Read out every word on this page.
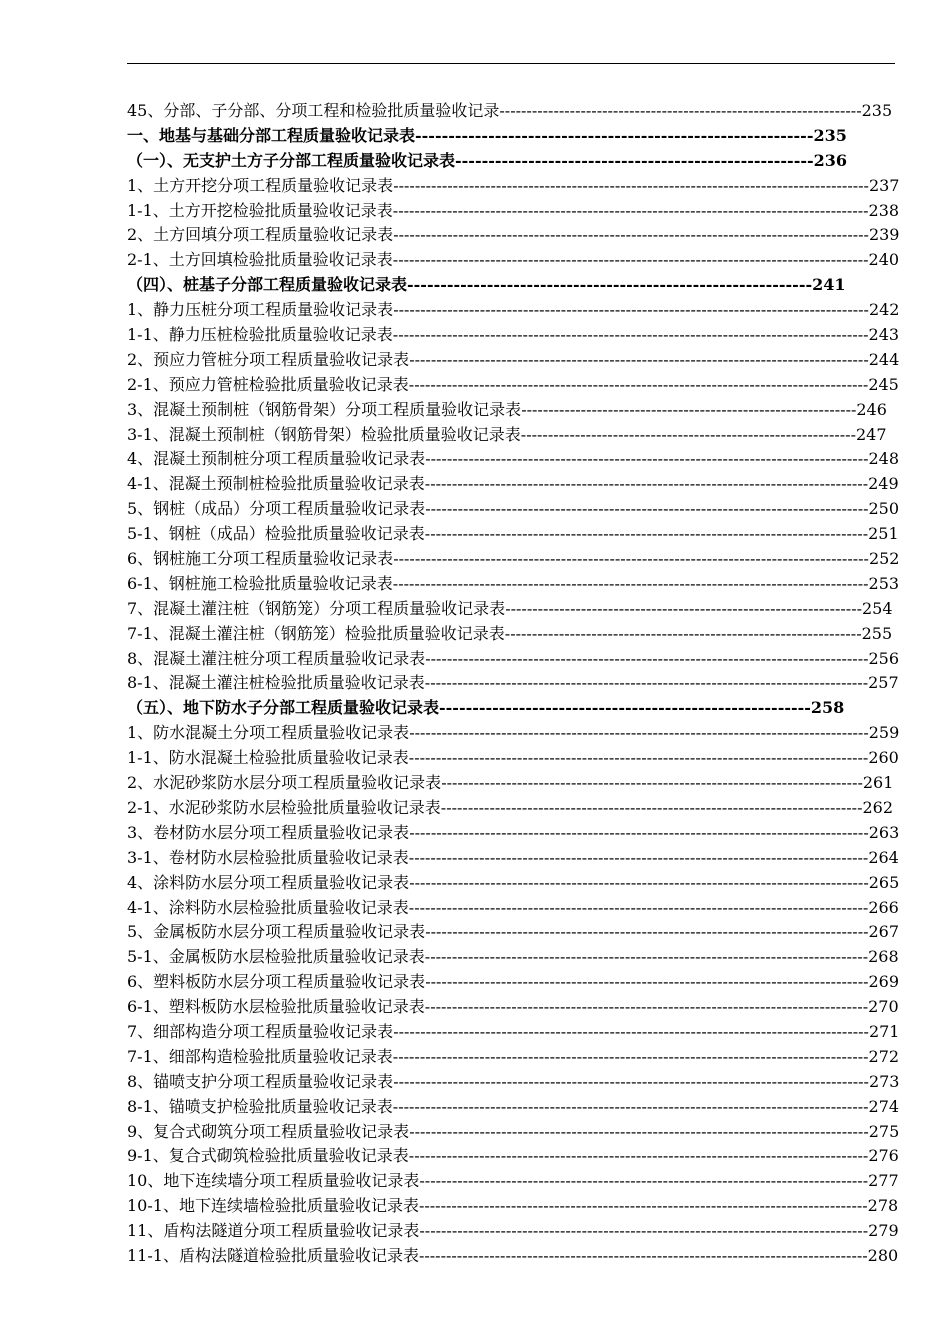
45、分部、子分部、分项工程和检验批质量验收记录-------------------------------------------------------------------235
一、地基与基础分部工程质量验收记录表------------------------------------------------------------235
（一）、无支护土方子分部工程质量验收记录表------------------------------------------------------236
1、土方开挖分项工程质量验收记录表----------------------------------------------------------------------------------------237
1-1、土方开挖检验批质量验收记录表----------------------------------------------------------------------------------------238
2、土方回填分项工程质量验收记录表----------------------------------------------------------------------------------------239
2-1、土方回填检验批质量验收记录表----------------------------------------------------------------------------------------240
（四）、桩基子分部工程质量验收记录表-------------------------------------------------------------241
1、静力压桩分项工程质量验收记录表----------------------------------------------------------------------------------------242
1-1、静力压桩检验批质量验收记录表----------------------------------------------------------------------------------------243
2、预应力管桩分项工程质量验收记录表-------------------------------------------------------------------------------------244
2-1、预应力管桩检验批质量验收记录表-------------------------------------------------------------------------------------245
3、混凝土预制桩（钢筋骨架）分项工程质量验收记录表--------------------------------------------------------------246
3-1、混凝土预制桩（钢筋骨架）检验批质量验收记录表--------------------------------------------------------------247
4、混凝土预制桩分项工程质量验收记录表----------------------------------------------------------------------------------248
4-1、混凝土预制桩检验批质量验收记录表----------------------------------------------------------------------------------249
5、钢桩（成品）分项工程质量验收记录表----------------------------------------------------------------------------------250
5-1、钢桩（成品）检验批质量验收记录表----------------------------------------------------------------------------------251
6、钢桩施工分项工程质量验收记录表----------------------------------------------------------------------------------------252
6-1、钢桩施工检验批质量验收记录表----------------------------------------------------------------------------------------253
7、混凝土灌注桩（钢筋笼）分项工程质量验收记录表------------------------------------------------------------------254
7-1、混凝土灌注桩（钢筋笼）检验批质量验收记录表------------------------------------------------------------------255
8、混凝土灌注桩分项工程质量验收记录表----------------------------------------------------------------------------------256
8-1、混凝土灌注桩检验批质量验收记录表----------------------------------------------------------------------------------257
（五）、地下防水子分部工程质量验收记录表--------------------------------------------------------258
1、防水混凝土分项工程质量验收记录表-------------------------------------------------------------------------------------259
1-1、防水混凝土检验批质量验收记录表-------------------------------------------------------------------------------------260
2、水泥砂浆防水层分项工程质量验收记录表------------------------------------------------------------------------------261
2-1、水泥砂浆防水层检验批质量验收记录表------------------------------------------------------------------------------262
3、卷材防水层分项工程质量验收记录表-------------------------------------------------------------------------------------263
3-1、卷材防水层检验批质量验收记录表-------------------------------------------------------------------------------------264
4、涂料防水层分项工程质量验收记录表-------------------------------------------------------------------------------------265
4-1、涂料防水层检验批质量验收记录表-------------------------------------------------------------------------------------266
5、金属板防水层分项工程质量验收记录表----------------------------------------------------------------------------------267
5-1、金属板防水层检验批质量验收记录表----------------------------------------------------------------------------------268
6、塑料板防水层分项工程质量验收记录表----------------------------------------------------------------------------------269
6-1、塑料板防水层检验批质量验收记录表----------------------------------------------------------------------------------270
7、细部构造分项工程质量验收记录表----------------------------------------------------------------------------------------271
7-1、细部构造检验批质量验收记录表----------------------------------------------------------------------------------------272
8、锚喷支护分项工程质量验收记录表----------------------------------------------------------------------------------------273
8-1、锚喷支护检验批质量验收记录表----------------------------------------------------------------------------------------274
9、复合式砌筑分项工程质量验收记录表-------------------------------------------------------------------------------------275
9-1、复合式砌筑检验批质量验收记录表-------------------------------------------------------------------------------------276
10、地下连续墙分项工程质量验收记录表-----------------------------------------------------------------------------------277
10-1、地下连续墙检验批质量验收记录表-----------------------------------------------------------------------------------278
11、盾构法隧道分项工程质量验收记录表-----------------------------------------------------------------------------------279
11-1、盾构法隧道检验批质量验收记录表-----------------------------------------------------------------------------------280
